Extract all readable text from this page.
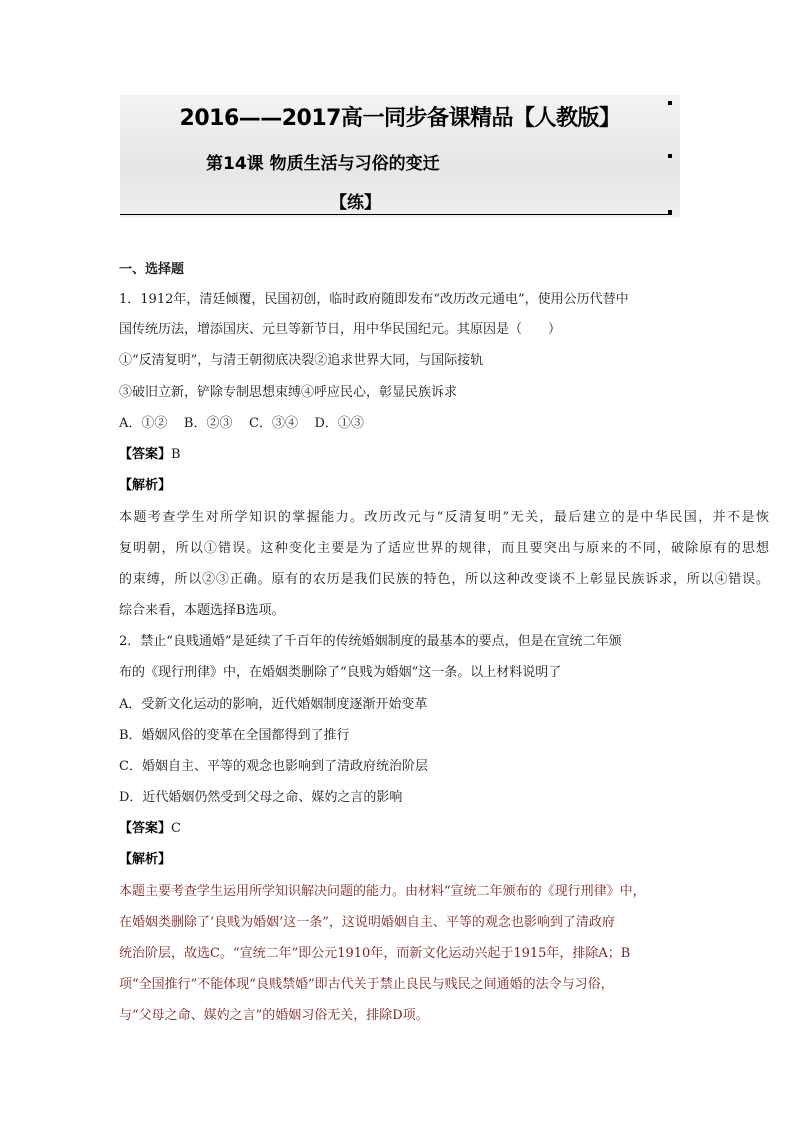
2016——2017高一同步备课精品【人教版】
第14课 物质生活与习俗的变迁
【练】
一、选择题
1．1912年，清廷倾覆，民国初创，临时政府随即发布“改历改元通电”，使用公历代替中
国传统历法，增添国庆、元旦等新节日，用中华民国纪元。其原因是（　　）
①“反清复明”，与清王朝彻底决裂②追求世界大同，与国际接轨
③破旧立新，铲除专制思想束缚④呼应民心，彰显民族诉求
A．①②    B．②③    C．③④    D．①③
【答案】B
【解析】
本题考查学生对所学知识的掌握能力。改历改元与“反清复明”无关，最后建立的是中华民国，并不是恢
复明朝，所以①错误。这种变化主要是为了适应世界的规律，而且要突出与原来的不同，破除原有的思想
的束缚，所以②③正确。原有的农历是我们民族的特色，所以这种改变谈不上彰显民族诉求，所以④错误。
综合来看，本题选择B选项。
2．禁止“良贱通婚”是延续了千百年的传统婚姻制度的最基本的要点，但是在宣统二年颁
布的《现行刑律》中，在婚姻类删除了“良贱为婚姻”这一条。以上材料说明了
A．受新文化运动的影响，近代婚姻制度逐渐开始变革
B．婚姻风俗的变革在全国都得到了推行
C．婚姻自主、平等的观念也影响到了清政府统治阶层
D．近代婚姻仍然受到父母之命、媒妁之言的影响
【答案】C
【解析】
本题主要考查学生运用所学知识解决问题的能力。由材料“宣统二年颁布的《现行刑律》中，
在婚姻类删除了‘良贱为婚姻’这一条”，这说明婚姻自主、平等的观念也影响到了清政府
统治阶层，故选C。“宣统二年”即公元1910年，而新文化运动兴起于1915年，排除A；B
项“全国推行”不能体现“良贱禁婚”即古代关于禁止良民与贱民之间通婚的法令与习俗，
与“父母之命、媒妁之言”的婚姻习俗无关，排除D项。
